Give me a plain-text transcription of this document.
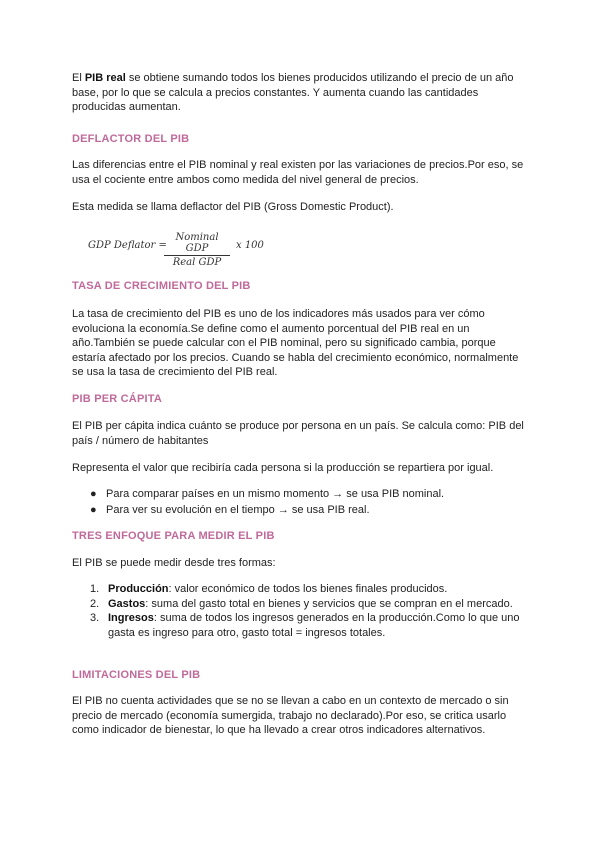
El PIB real se obtiene sumando todos los bienes producidos utilizando el precio de un año base, por lo que se calcula a precios constantes. Y aumenta cuando las cantidades producidas aumentan.

DEFLACTOR DEL PIB

Las diferencias entre el PIB nominal y real existen por las variaciones de precios.Por eso, se usa el cociente entre ambos como medida del nivel general de precios.

Esta medida se llama deflactor del PIB (Gross Domestic Product).

GDP Deflator =
Nominal GDP
Real GDP
x 100
TASA DE CRECIMIENTO DEL PIB

La tasa de crecimiento del PIB es uno de los indicadores más usados para ver cómo evoluciona la economía.Se define como el aumento porcentual del PIB real en un año.También se puede calcular con el PIB nominal, pero su significado cambia, porque estaría afectado por los precios. Cuando se habla del crecimiento económico, normalmente se usa la tasa de crecimiento del PIB real.

PIB PER CÁPITA

El PIB per cápita indica cuánto se produce por persona en un país. Se calcula como: PIB del país / número de habitantes

Representa el valor que recibiría cada persona si la producción se repartiera por igual.

● Para comparar países en un mismo momento → se usa PIB nominal.
● Para ver su evolución en el tiempo → se usa PIB real.
TRES ENFOQUE PARA MEDIR EL PIB

El PIB se puede medir desde tres formas:

1. Producción: valor económico de todos los bienes finales producidos.
2. Gastos: suma del gasto total en bienes y servicios que se compran en el mercado.
3. Ingresos: suma de todos los ingresos generados en la producción.Como lo que uno gasta es ingreso para otro, gasto total = ingresos totales.
LIMITACIONES DEL PIB

El PIB no cuenta actividades que se no se llevan a cabo en un contexto de mercado o sin precio de mercado (economía sumergida, trabajo no declarado).Por eso, se critica usarlo como indicador de bienestar, lo que ha llevado a crear otros indicadores alternativos.
